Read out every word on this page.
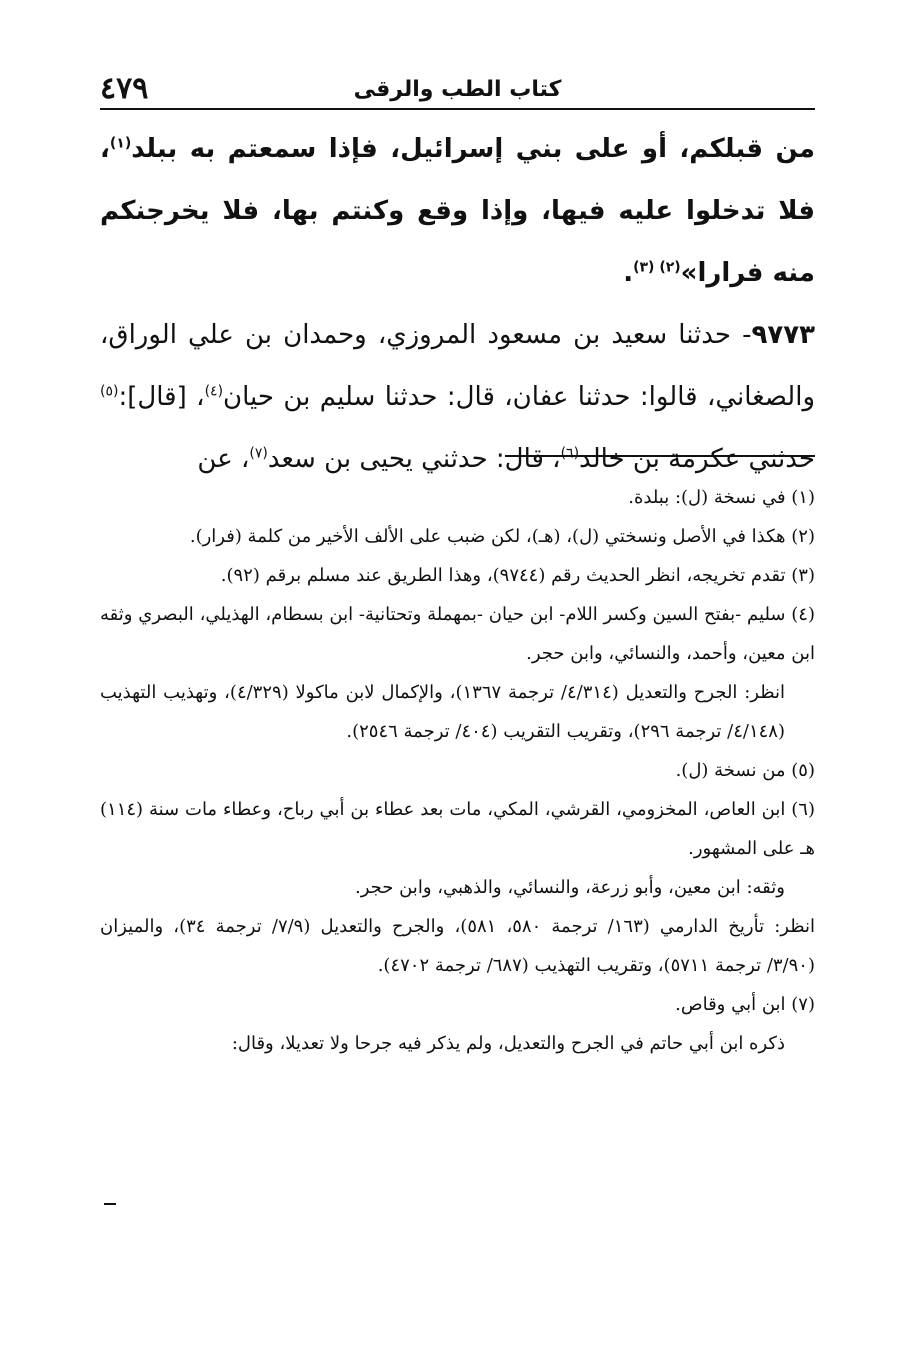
كتاب الطب والرقى
٤٧٩

من قبلكم، أو على بني إسرائيل، فإذا سمعتم به ببلد$^{(١)}$، فلا تدخلوا عليه فيها، وإذا وقع وكنتم بها، فلا يخرجنكم منه فرارا»$^{(٢) (٣)}$.

٩٧٧٣- حدثنا سعيد بن مسعود المروزي، وحمدان بن علي الوراق، والصغاني، قالوا: حدثنا عفان، قال: حدثنا سليم بن حيان$^{(٤)}$، [قال]:$^{(٥)}$ حدثني عكرمة بن خالد$^{(٦)}$، قال: حدثني يحيى بن سعد$^{(٧)}$، عن

(١) في نسخة (ل): ببلدة.

(٢) هكذا في الأصل ونسختي (ل)، (هـ)، لكن ضبب على الألف الأخير من كلمة (فرار).

(٣) تقدم تخريجه، انظر الحديث رقم (٩٧٤٤)، وهذا الطريق عند مسلم برقم (٩٢).

(٤) سليم -بفتح السين وكسر اللام- ابن حيان -بمهملة وتحتانية- ابن بسطام، الهذيلي، البصري وثقه ابن معين، وأحمد، والنسائي، وابن حجر.

انظر: الجرح والتعديل (٤/٣١٤/ ترجمة ١٣٦٧)، والإكمال لابن ماكولا (٤/٣٢٩)، وتهذيب التهذيب (٤/١٤٨/ ترجمة ٢٩٦)، وتقريب التقريب (٤٠٤/ ترجمة ٢٥٤٦).

(٥) من نسخة (ل).

(٦) ابن العاص، المخزومي، القرشي، المكي، مات بعد عطاء بن أبي رباح، وعطاء مات سنة (١١٤) هـ على المشهور.

وثقه: ابن معين، وأبو زرعة، والنسائي، والذهبي، وابن حجر.

انظر: تأريخ الدارمي (١٦٣/ ترجمة ٥٨٠، ٥٨١)، والجرح والتعديل (٧/٩/ ترجمة ٣٤)، والميزان (٣/٩٠/ ترجمة ٥٧١١)، وتقريب التهذيب (٦٨٧/ ترجمة ٤٧٠٢).

(٧) ابن أبي وقاص.

ذكره ابن أبي حاتم في الجرح والتعديل، ولم يذكر فيه جرحا ولا تعديلا، وقال:
